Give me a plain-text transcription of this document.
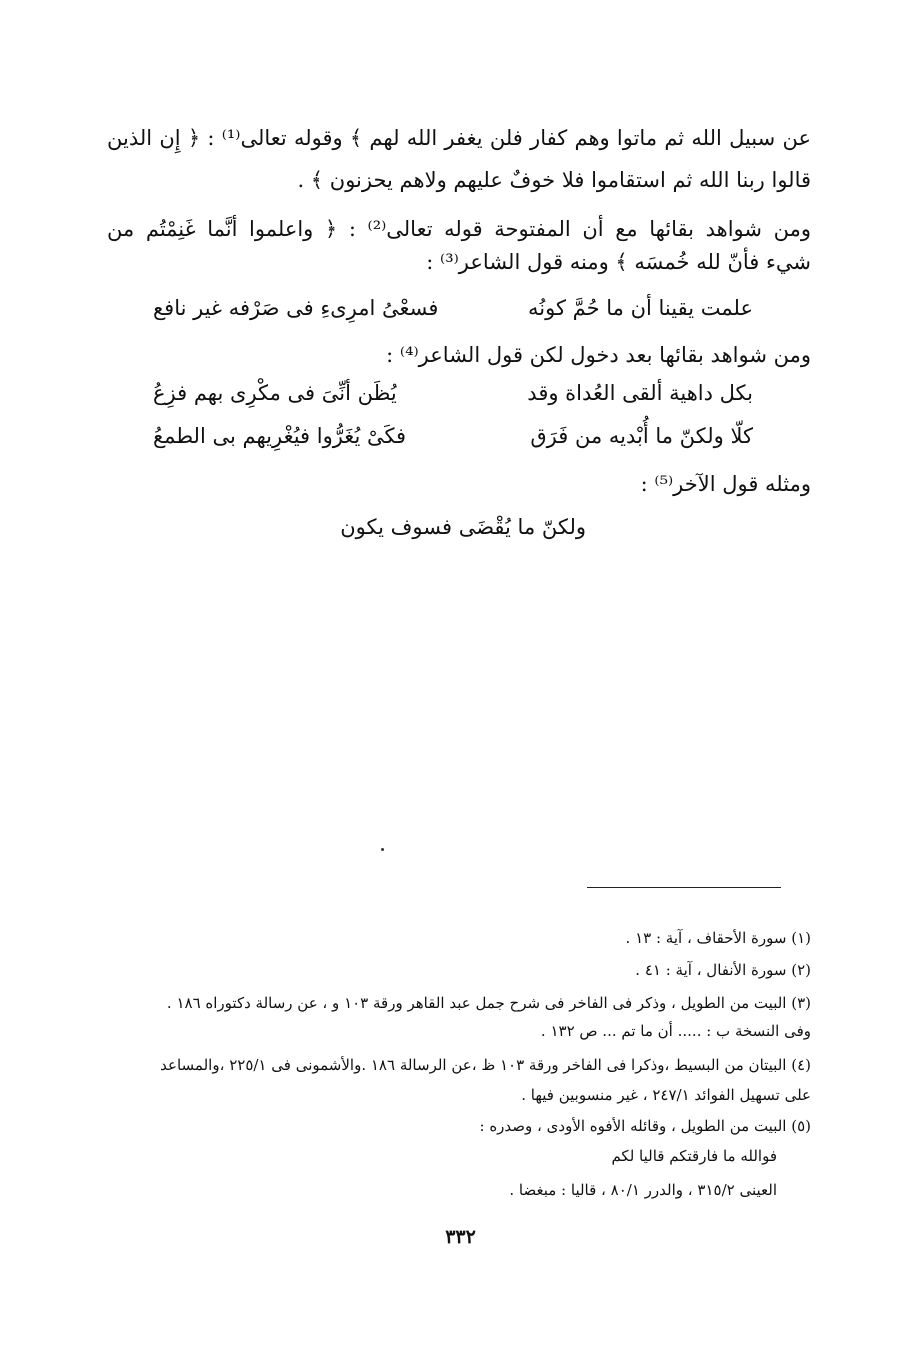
عن سبيل الله ثم ماتوا وهم كفار فلن يغفر الله لهم ﴾ وقوله تعالى⁽¹⁾ : ﴿ إِن الذين
قالوا ربنا الله ثم استقاموا فلا خوفٌ عليهم ولاهم يحزنون ﴾ .
ومن شواهد بقائها مع أن المفتوحة قوله تعالى⁽²⁾ : ﴿ واعلموا أنَّما غَنِمْتُم من
شيء فأنّ لله خُمسَه ﴾ ومنه قول الشاعر⁽³⁾ :
علمت يقينا أن ما حُمَّ كونُه
فسعْىُ امرِىءِ فى صَرْفه غير نافع
ومن شواهد بقائها بعد دخول لكن قول الشاعر⁽⁴⁾ :
بكل داهية ألقى العُداة وقد
يُظَن أنِّىَ فى مكْرِى بهم فزِعُ
كلّا ولكنّ ما أُبْديه من فَرَق
فكَىْ يُغَرُّوا فيُغْرِيهم بى الطمعُ
ومثله قول الآخر⁽⁵⁾ :
ولكنّ ما يُقْضَى فسوف يكون
(١) سورة الأحقاف ، آية : ١٣ .
(٢) سورة الأنفال ، آية : ٤١ .
(٣) البيت من الطويل ، وذكر فى الفاخر فى شرح جمل عبد القاهر ورقة ١٠٣ و ، عن رسالة دكتوراه ١٨٦ .
وفى النسخة ب : ..... أن ما تم ... ص ١٣٢ .
(٤) البيتان من البسيط ،وذكرا فى الفاخر ورقة ١٠٣ ظ ،عن الرسالة ١٨٦ .والأشمونى فى ٢٢٥/١ ،والمساعد
على تسهيل الفوائد ٢٤٧/١ ، غير منسوبين فيها .
(٥) البيت من الطويل ، وقائله الأفوه الأودى ، وصدره :
فوالله ما فارقتكم قاليا لكم
العينى ٣١٥/٢ ، والدرر ٨٠/١ ، قاليا : مبغضا .
٣٣٢
